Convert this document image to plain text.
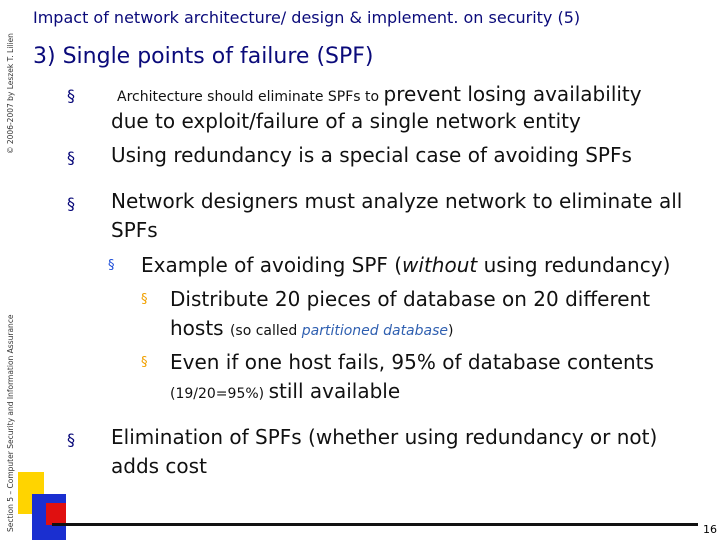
Impact of network architecture/ design & implement. on security (5)
© 2006-2007 by Leszek T. Lilien
Section 5 – Computer Security and Information Assurance
3) Single points of failure (SPF)
§	Architecture should eliminate SPFs to prevent losing availability
due to exploit/failure of a single network entity
§ Using redundancy is a special case of avoiding SPFs
§ Network designers must analyze network to eliminate all
SPFs
§ Example of avoiding SPF (without using redundancy)
§ Distribute 20 pieces of database on 20 different
hosts (so called partitioned database)
§ Even if one host fails, 95% of database contents
(19/20=95%) still available
§ Elimination of SPFs (whether using redundancy or not)
adds cost
16
